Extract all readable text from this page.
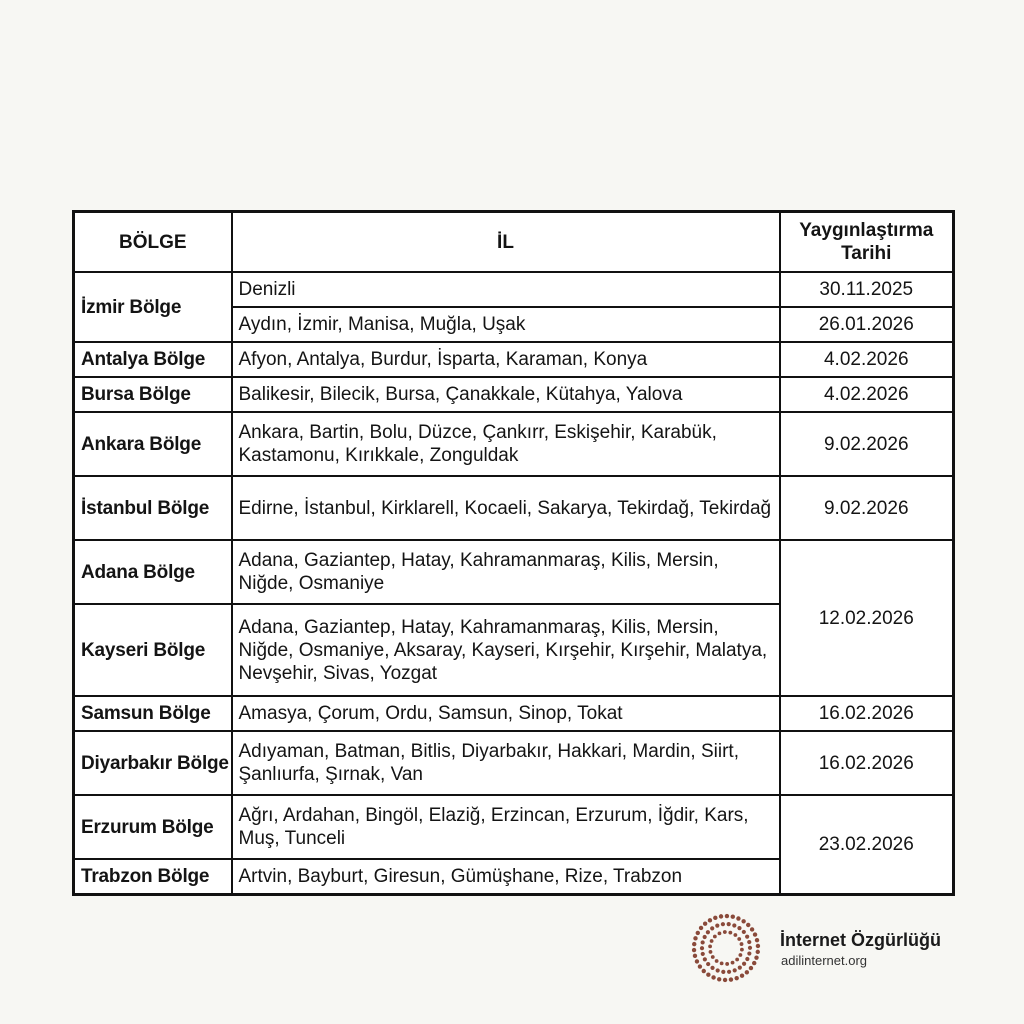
BÖLGE	İL	Yaygınlaştırma Tarihi
İzmir Bölge	Denizli	30.11.2025
	Aydın, İzmir, Manisa, Muğla, Uşak	26.01.2026
Antalya Bölge	Afyon, Antalya, Burdur, İsparta, Karaman, Konya	4.02.2026
Bursa Bölge	Balikesir, Bilecik, Bursa, Çanakkale, Kütahya, Yalova	4.02.2026
Ankara Bölge	Ankara, Bartin, Bolu, Düzce, Çankırr, Eskişehir, Karabük, Kastamonu, Kırıkkale, Zonguldak	9.02.2026
İstanbul Bölge	Edirne, İstanbul, Kirklarell, Kocaeli, Sakarya, Tekirdağ, Tekirdağ	9.02.2026
Adana Bölge	Adana, Gaziantep, Hatay, Kahramanmaraş, Kilis, Mersin, Niğde, Osmaniye	12.02.2026
Kayseri Bölge	Adana, Gaziantep, Hatay, Kahramanmaraş, Kilis, Mersin, Niğde, Osmaniye, Aksaray, Kayseri, Kırşehir, Kırşehir, Malatya, Nevşehir, Sivas, Yozgat	
Samsun Bölge	Amasya, Çorum, Ordu, Samsun, Sinop, Tokat	16.02.2026
Diyarbakır Bölge	Adıyaman, Batman, Bitlis, Diyarbakır, Hakkari, Mardin, Siirt, Şanlıurfa, Şırnak, Van	16.02.2026
Erzurum Bölge	Ağrı, Ardahan, Bingöl, Elaziğ, Erzincan, Erzurum, İğdir, Kars, Muş, Tunceli	23.02.2026
Trabzon Bölge	Artvin, Bayburt, Giresun, Gümüşhane, Rize, Trabzon	
İnternet Özgürlüğü
adilinternet.org
